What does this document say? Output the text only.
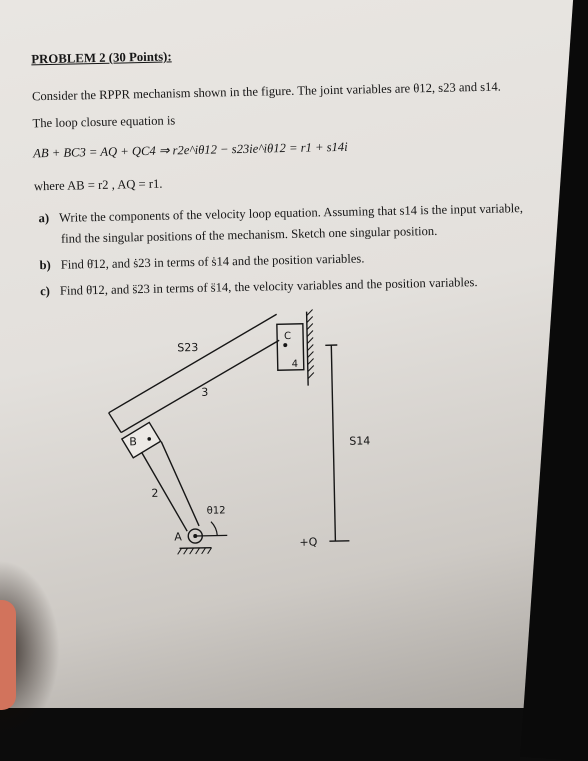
PROBLEM 2 (30 Points):
Consider the RPPR mechanism shown in the figure. The joint variables are θ12, s23 and s14.
The loop closure equation is
AB + BC3 = AQ + QC4 ⇒ r2e^iθ12 − s23ie^iθ12 = r1 + s14i
where AB = r2 , AQ = r1.
a) Write the components of the velocity loop equation. Assuming that s14 is the input variable,
find the singular positions of the mechanism. Sketch one singular position.
b) Find θ̇12, and ṡ23 in terms of ṡ14 and the position variables.
c) Find θ̈12, and s̈23 in terms of s̈14, the velocity variables and the position variables.
S23
3
C
4
B
2
θ12
A
S14
+Q
